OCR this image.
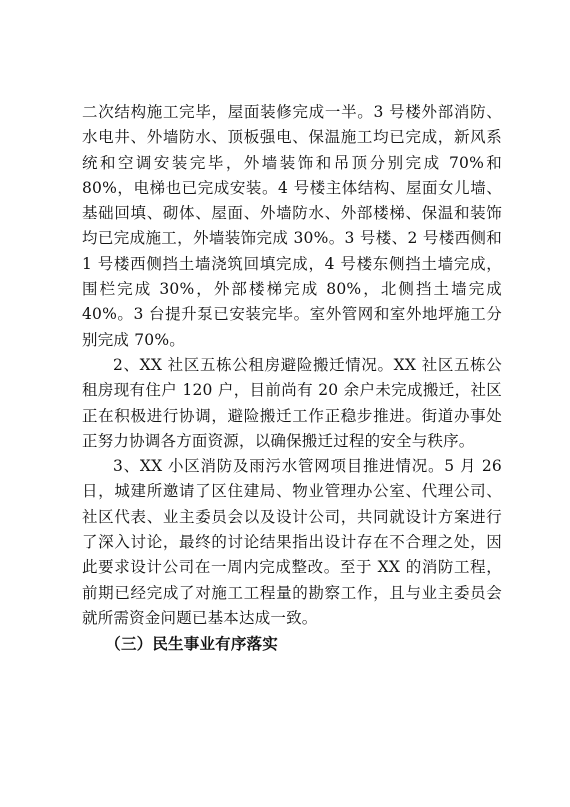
二次结构施工完毕，屋面装修完成一半。3 号楼外部消防、水电井、外墙防水、顶板强电、保温施工均已完成，新风系统和空调安装完毕，外墙装饰和吊顶分别完成 70%和 80%，电梯也已完成安装。4 号楼主体结构、屋面女儿墙、基础回填、砌体、屋面、外墙防水、外部楼梯、保温和装饰均已完成施工，外墙装饰完成 30%。3 号楼、2 号楼西侧和 1 号楼西侧挡土墙浇筑回填完成，4 号楼东侧挡土墙完成，围栏完成 30%，外部楼梯完成 80%，北侧挡土墙完成 40%。3 台提升泵已安装完毕。室外管网和室外地坪施工分别完成 70%。

2、XX 社区五栋公租房避险搬迁情况。XX 社区五栋公租房现有住户 120 户，目前尚有 20 余户未完成搬迁，社区正在积极进行协调，避险搬迁工作正稳步推进。街道办事处正努力协调各方面资源，以确保搬迁过程的安全与秩序。

3、XX 小区消防及雨污水管网项目推进情况。5 月 26 日，城建所邀请了区住建局、物业管理办公室、代理公司、社区代表、业主委员会以及设计公司，共同就设计方案进行了深入讨论，最终的讨论结果指出设计存在不合理之处，因此要求设计公司在一周内完成整改。至于 XX 的消防工程，前期已经完成了对施工工程量的勘察工作，且与业主委员会就所需资金问题已基本达成一致。

（三）民生事业有序落实
